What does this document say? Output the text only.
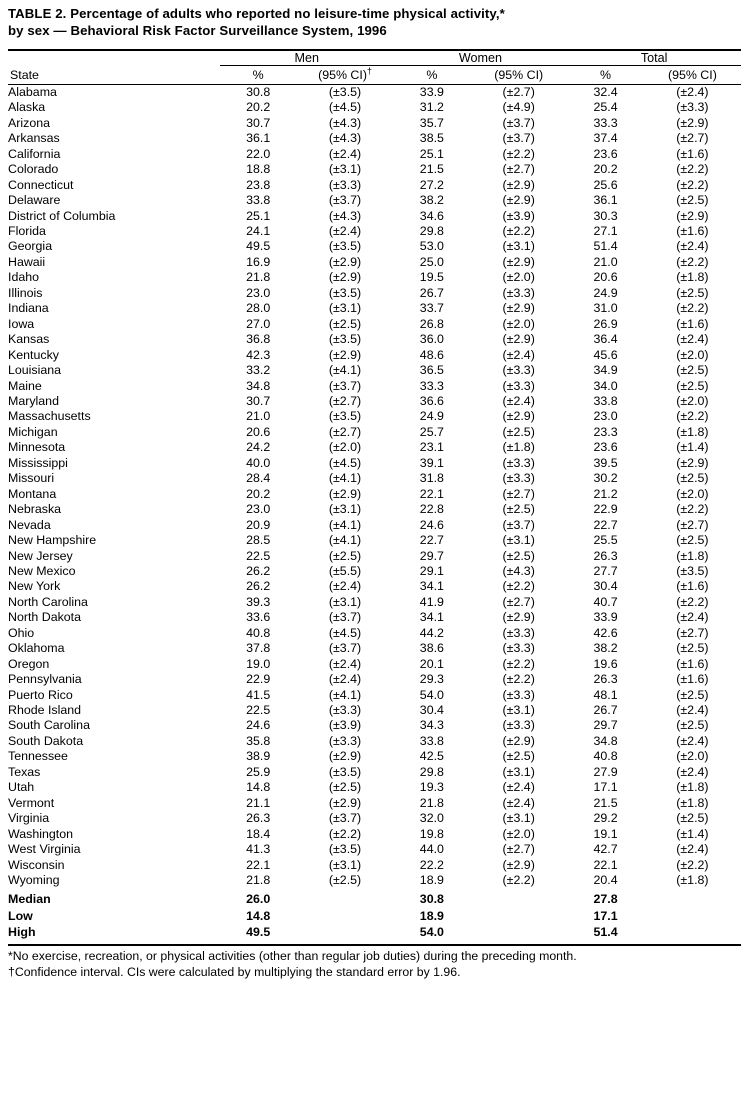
TABLE 2. Percentage of adults who reported no leisure-time physical activity,*
by sex — Behavioral Risk Factor Surveillance System, 1996

	Men		Women		Total	
State	%	(95% CI)†	%	(95% CI)	%	(95% CI)

Alabama	30.8	(±3.5)	33.9	(±2.7)	32.4	(±2.4)
Alaska	20.2	(±4.5)	31.2	(±4.9)	25.4	(±3.3)
Arizona	30.7	(±4.3)	35.7	(±3.7)	33.3	(±2.9)
Arkansas	36.1	(±4.3)	38.5	(±3.7)	37.4	(±2.7)
California	22.0	(±2.4)	25.1	(±2.2)	23.6	(±1.6)
Colorado	18.8	(±3.1)	21.5	(±2.7)	20.2	(±2.2)
Connecticut	23.8	(±3.3)	27.2	(±2.9)	25.6	(±2.2)
Delaware	33.8	(±3.7)	38.2	(±2.9)	36.1	(±2.5)
District of Columbia	25.1	(±4.3)	34.6	(±3.9)	30.3	(±2.9)
Florida	24.1	(±2.4)	29.8	(±2.2)	27.1	(±1.6)
Georgia	49.5	(±3.5)	53.0	(±3.1)	51.4	(±2.4)
Hawaii	16.9	(±2.9)	25.0	(±2.9)	21.0	(±2.2)
Idaho	21.8	(±2.9)	19.5	(±2.0)	20.6	(±1.8)
Illinois	23.0	(±3.5)	26.7	(±3.3)	24.9	(±2.5)
Indiana	28.0	(±3.1)	33.7	(±2.9)	31.0	(±2.2)
Iowa	27.0	(±2.5)	26.8	(±2.0)	26.9	(±1.6)
Kansas	36.8	(±3.5)	36.0	(±2.9)	36.4	(±2.4)
Kentucky	42.3	(±2.9)	48.6	(±2.4)	45.6	(±2.0)
Louisiana	33.2	(±4.1)	36.5	(±3.3)	34.9	(±2.5)
Maine	34.8	(±3.7)	33.3	(±3.3)	34.0	(±2.5)
Maryland	30.7	(±2.7)	36.6	(±2.4)	33.8	(±2.0)
Massachusetts	21.0	(±3.5)	24.9	(±2.9)	23.0	(±2.2)
Michigan	20.6	(±2.7)	25.7	(±2.5)	23.3	(±1.8)
Minnesota	24.2	(±2.0)	23.1	(±1.8)	23.6	(±1.4)
Mississippi	40.0	(±4.5)	39.1	(±3.3)	39.5	(±2.9)
Missouri	28.4	(±4.1)	31.8	(±3.3)	30.2	(±2.5)
Montana	20.2	(±2.9)	22.1	(±2.7)	21.2	(±2.0)
Nebraska	23.0	(±3.1)	22.8	(±2.5)	22.9	(±2.2)
Nevada	20.9	(±4.1)	24.6	(±3.7)	22.7	(±2.7)
New Hampshire	28.5	(±4.1)	22.7	(±3.1)	25.5	(±2.5)
New Jersey	22.5	(±2.5)	29.7	(±2.5)	26.3	(±1.8)
New Mexico	26.2	(±5.5)	29.1	(±4.3)	27.7	(±3.5)
New York	26.2	(±2.4)	34.1	(±2.2)	30.4	(±1.6)
North Carolina	39.3	(±3.1)	41.9	(±2.7)	40.7	(±2.2)
North Dakota	33.6	(±3.7)	34.1	(±2.9)	33.9	(±2.4)
Ohio	40.8	(±4.5)	44.2	(±3.3)	42.6	(±2.7)
Oklahoma	37.8	(±3.7)	38.6	(±3.3)	38.2	(±2.5)
Oregon	19.0	(±2.4)	20.1	(±2.2)	19.6	(±1.6)
Pennsylvania	22.9	(±2.4)	29.3	(±2.2)	26.3	(±1.6)
Puerto Rico	41.5	(±4.1)	54.0	(±3.3)	48.1	(±2.5)
Rhode Island	22.5	(±3.3)	30.4	(±3.1)	26.7	(±2.4)
South Carolina	24.6	(±3.9)	34.3	(±3.3)	29.7	(±2.5)
South Dakota	35.8	(±3.3)	33.8	(±2.9)	34.8	(±2.4)
Tennessee	38.9	(±2.9)	42.5	(±2.5)	40.8	(±2.0)
Texas	25.9	(±3.5)	29.8	(±3.1)	27.9	(±2.4)
Utah	14.8	(±2.5)	19.3	(±2.4)	17.1	(±1.8)
Vermont	21.1	(±2.9)	21.8	(±2.4)	21.5	(±1.8)
Virginia	26.3	(±3.7)	32.0	(±3.1)	29.2	(±2.5)
Washington	18.4	(±2.2)	19.8	(±2.0)	19.1	(±1.4)
West Virginia	41.3	(±3.5)	44.0	(±2.7)	42.7	(±2.4)
Wisconsin	22.1	(±3.1)	22.2	(±2.9)	22.1	(±2.2)
Wyoming	21.8	(±2.5)	18.9	(±2.2)	20.4	(±1.8)
Median	26.0		30.8		27.8	
Low	14.8		18.9		17.1	
High	49.5		54.0		51.4	

*No exercise, recreation, or physical activities (other than regular job duties) during the preceding month.
†Confidence interval. CIs were calculated by multiplying the standard error by 1.96.
